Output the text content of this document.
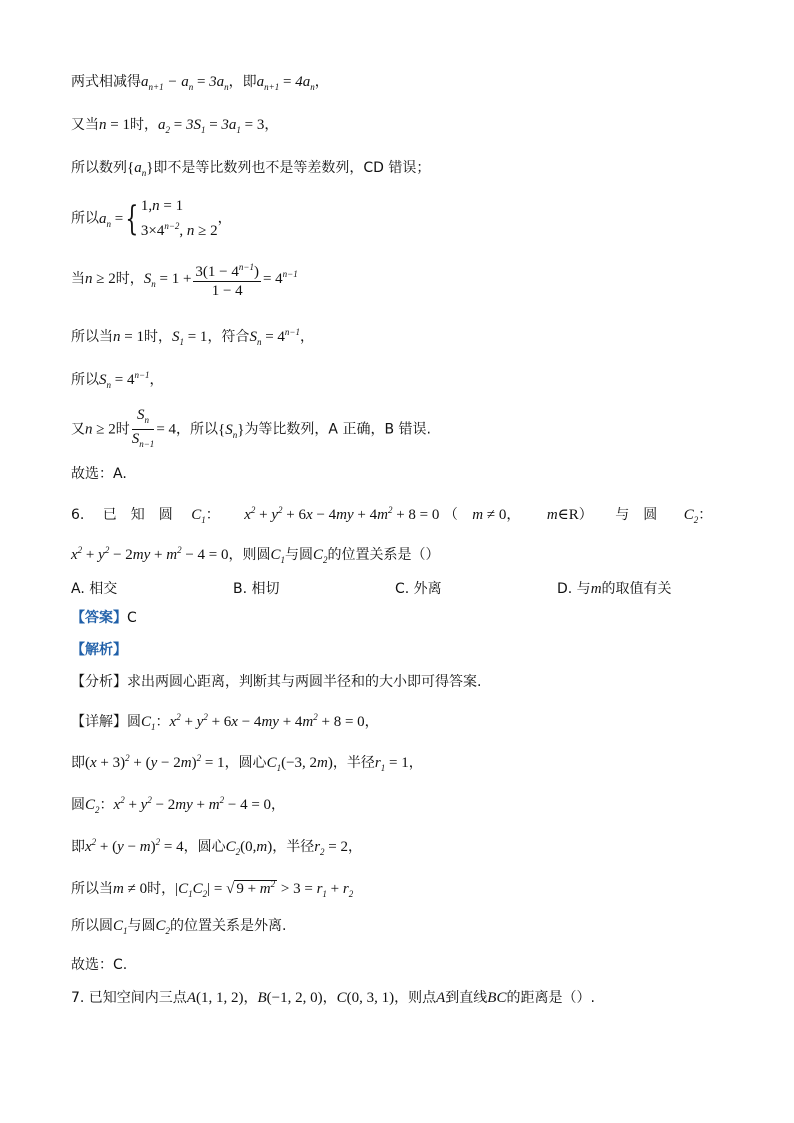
两式相减得$a_{n+1} - a_n = 3a_n$，即$a_{n+1} = 4a_n$，
又当n = 1时，$a_2 = 3S_1 = 3a_1 = 3$，
所以数列$\{a_n\}$即不是等比数列也不是等差数列，CD 错误；
所以$a_n$ ={ 1,n = 1
$3\times 4^{n-2}$, n ≥ 2，
当n ≥ 2时，$S_n = 1 + \frac{3(1 - 4^{n-1})}{1 - 4} = 4^{n-1}$
所以当n = 1时，$S_1 = 1$，符合$S_n = 4^{n-1}$，
所以$S_n = 4^{n-1}$，
又n ≥ 2时 $\frac{S_n}{S_{n-1}} = 4$，所以$\{S_n\}$为等比数列，A 正确，B 错误.
故选：A.
6.　 已　知　圆 $C_1$： $x^2 + y^2 + 6x - 4my + 4m^2 + 8 = 0$ （ m ≠ 0， m∈R） 与　圆 $C_2$：
$x^2 + y^2 - 2my + m^2 - 4 = 0$，则圆$C_1$与圆$C_2$的位置关系是（）
A. 相交	B. 相切	C. 外离	D. 与m的取值有关
【答案】C
【解析】
【分析】求出两圆心距离，判断其与两圆半径和的大小即可得答案.
【详解】圆$C_1$：$x^2 + y^2 + 6x - 4my + 4m^2 + 8 = 0$，
即$(x + 3)^2 + (y - 2m)^2 = 1$，圆心$C_1(-3$, 2m)，半径$r_1 = 1$，
圆$C_2$：$x^2 + y^2 - 2my + m^2 - 4 = 0$，
即$x^2 + (y - m)^2 = 4$，圆心$C_2(0,m)$，半径$r_2 = 2$，
所以当m ≠ 0时，$|C_1C_2|$ = √ $9 + m^2 > 3 = r_1 + r_2$
所以圆$C_1$与圆$C_2$的位置关系是外离.
故选：C.
7. 已知空间内三点A(1, 1, 2)，B(−1, 2, 0)，C(0, 3, 1)，则点A到直线BC的距离是（）.
